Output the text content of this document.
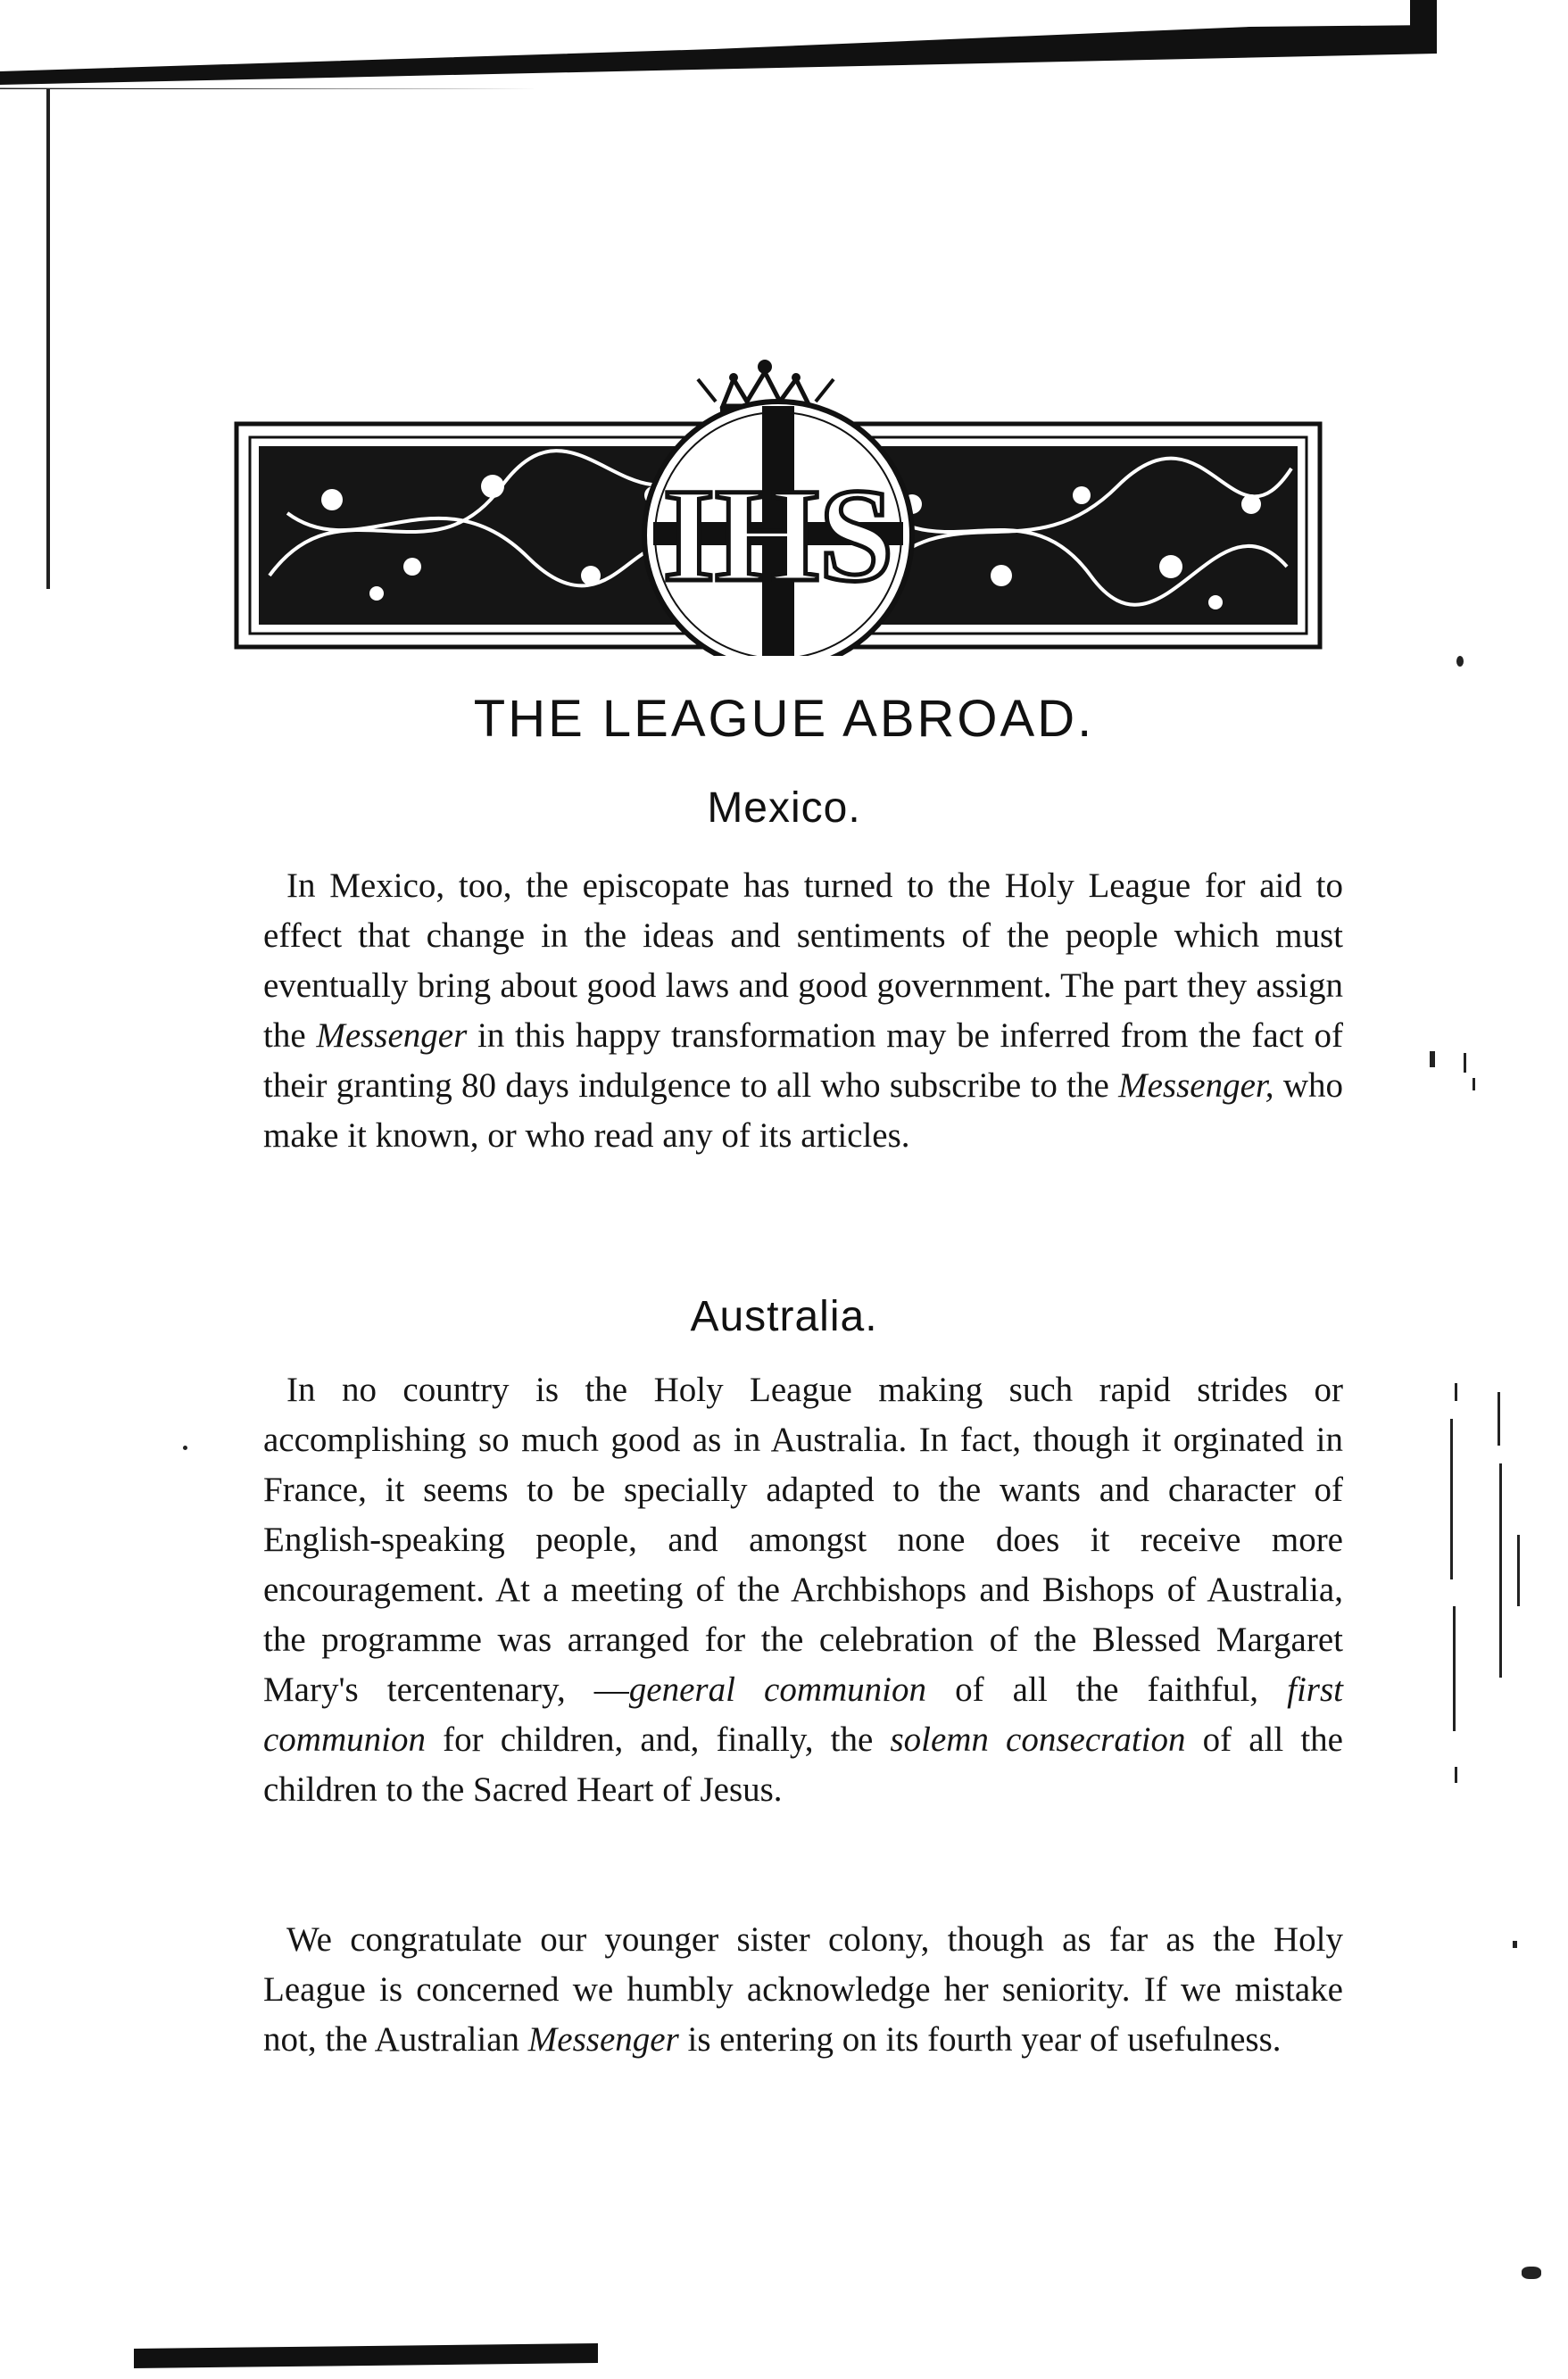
IHS
THE LEAGUE ABROAD.
Mexico.
In Mexico, too, the episcopate has turned to the Holy League for aid to effect that change in the ideas and sentiments of the people which must eventually bring about good laws and good government. The part they assign the Messenger in this happy transformation may be inferred from the fact of their granting 80 days indulgence to all who subscribe to the Messenger, who make it known, or who read any of its articles.
Australia.
In no country is the Holy League making such rapid strides or accomplishing so much good as in Australia. In fact, though it orginated in France, it seems to be specially adapted to the wants and character of English-speaking people, and amongst none does it receive more encouragement. At a meeting of the Archbishops and Bishops of Australia, the programme was arranged for the celebration of the Blessed Margaret Mary's tercentenary, —general communion of all the faithful, first communion for children, and, finally, the solemn consecration of all the children to the Sacred Heart of Jesus.
We congratulate our younger sister colony, though as far as the Holy League is concerned we humbly acknowledge her seniority. If we mistake not, the Australian Messenger is entering on its fourth year of usefulness.
